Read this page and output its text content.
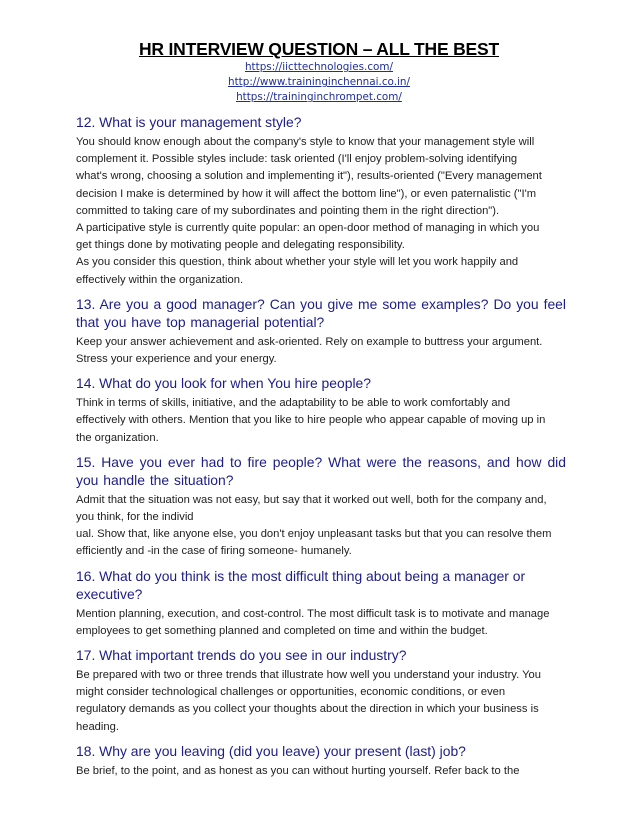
HR INTERVIEW QUESTION – ALL THE BEST
https://iicttechnologies.com/
http://www.traininginchennai.co.in/
https://traininginchrompet.com/
12. What is your management style?
You should know enough about the company's style to know that your management style will
complement it. Possible styles include: task oriented (I'll enjoy problem-solving identifying
what's wrong, choosing a solution and implementing it"), results-oriented ("Every management
decision I make is determined by how it will affect the bottom line"), or even paternalistic ("I'm
committed to taking care of my subordinates and pointing them in the right direction").
A participative style is currently quite popular: an open-door method of managing in which you
get things done by motivating people and delegating responsibility.
As you consider this question, think about whether your style will let you work happily and
effectively within the organization.
13. Are you a good manager? Can you give me some examples? Do you feel that you have top managerial potential?
Keep your answer achievement and ask-oriented. Rely on example to buttress your argument.
Stress your experience and your energy.
14. What do you look for when You hire people?
Think in terms of skills, initiative, and the adaptability to be able to work comfortably and
effectively with others. Mention that you like to hire people who appear capable of moving up in
the organization.
15. Have you ever had to fire people? What were the reasons, and how did you handle the situation?
Admit that the situation was not easy, but say that it worked out well, both for the company and,
you think, for the individ
ual. Show that, like anyone else, you don't enjoy unpleasant tasks but that you can resolve them
efficiently and -in the case of firing someone- humanely.
16. What do you think is the most difficult thing about being a manager or executive?
Mention planning, execution, and cost-control. The most difficult task is to motivate and manage
employees to get something planned and completed on time and within the budget.
17. What important trends do you see in our industry?
Be prepared with two or three trends that illustrate how well you understand your industry. You
might consider technological challenges or opportunities, economic conditions, or even
regulatory demands as you collect your thoughts about the direction in which your business is
heading.
18. Why are you leaving (did you leave) your present (last) job?
Be brief, to the point, and as honest as you can without hurting yourself. Refer back to the
